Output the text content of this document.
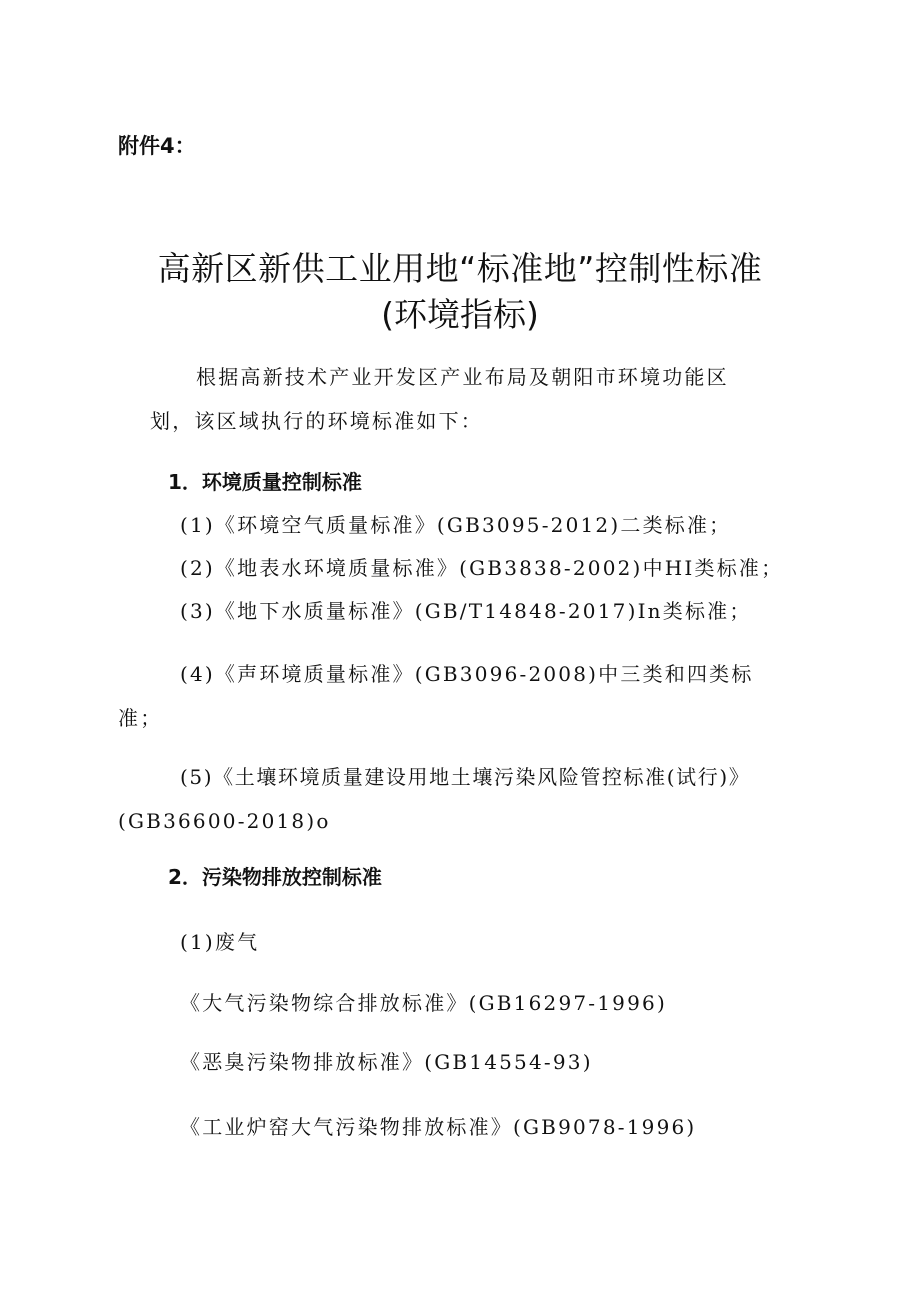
附件4：
高新区新供工业用地“标准地”控制性标准
(环境指标)
根据高新技术产业开发区产业布局及朝阳市环境功能区
划，该区域执行的环境标准如下：
1．环境质量控制标准
(1)《环境空气质量标准》(GB3095-2012)二类标准；
(2)《地表水环境质量标准》(GB3838-2002)中HI类标准；
(3)《地下水质量标准》(GB/T14848-2017)In类标准；
(4)《声环境质量标准》(GB3096-2008)中三类和四类标
准；
(5)《土壤环境质量建设用地土壤污染风险管控标准(试行)》
(GB36600-2018)o
2．污染物排放控制标准
(1)废气
《大气污染物综合排放标准》(GB16297-1996)
《恶臭污染物排放标准》(GB14554-93)
《工业炉窑大气污染物排放标准》(GB9078-1996)
